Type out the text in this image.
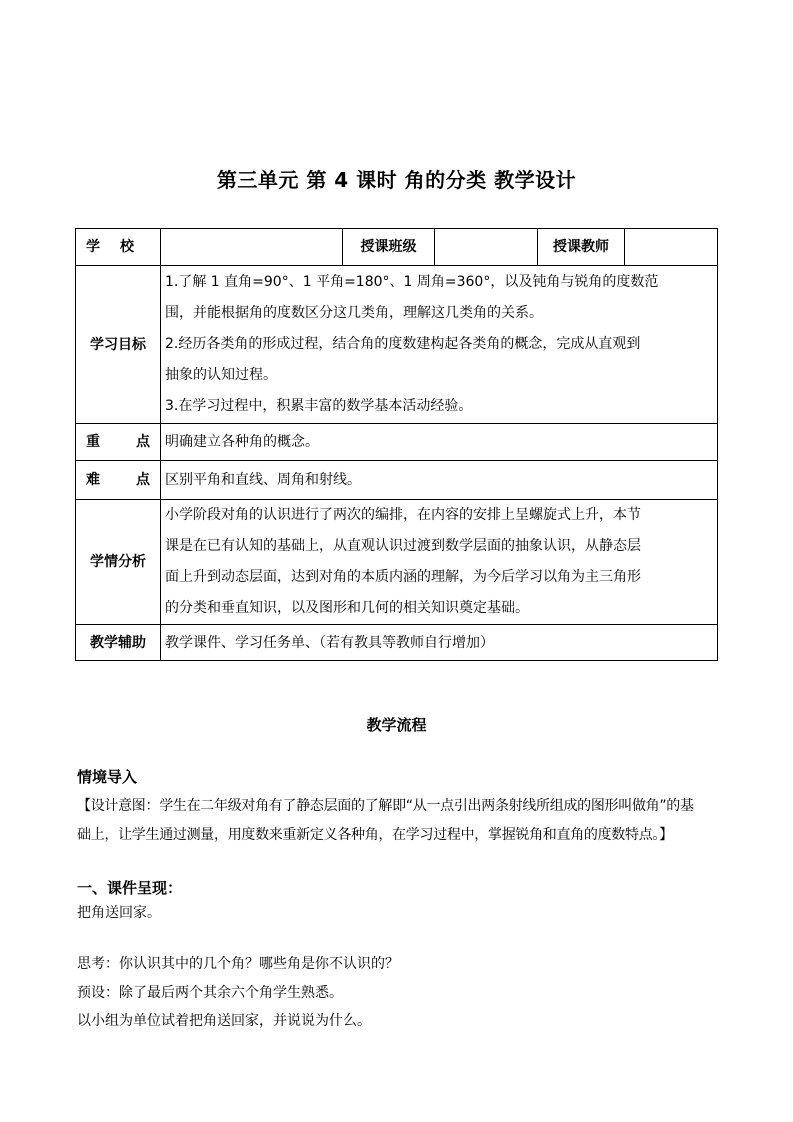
第三单元 第 4 课时 角的分类 教学设计
学校		授课班级		授课教师	
学习目标	1.了解 1 直角=90°、1 平角=180°、1 周角=360°，以及钝角与锐角的度数范

围，并能根据角的度数区分这几类角，理解这几类角的关系。

2.经历各类角的形成过程，结合角的度数建构起各类角的概念，完成从直观到

抽象的认知过程。

3.在学习过程中，积累丰富的数学基本活动经验。				

重点	明确建立各种角的概念。				
难点	区别平角和直线、周角和射线。				
学情分析	小学阶段对角的认识进行了两次的编排，在内容的安排上呈螺旋式上升，本节

课是在已有认知的基础上，从直观认识过渡到数学层面的抽象认识，从静态层

面上升到动态层面，达到对角的本质内涵的理解，为今后学习以角为主三角形

的分类和垂直知识，以及图形和几何的相关知识奠定基础。				

教学辅助	教学课件、学习任务单、（若有教具等教师自行增加）				
教学流程
情境导入
【设计意图：学生在二年级对角有了静态层面的了解即“从一点引出两条射线所组成的图形叫做角”的基
础上，让学生通过测量，用度数来重新定义各种角，在学习过程中，掌握锐角和直角的度数特点。】
一、课件呈现：
把角送回家。
思考：你认识其中的几个角？哪些角是你不认识的？
预设：除了最后两个其余六个角学生熟悉。
以小组为单位试着把角送回家，并说说为什么。
